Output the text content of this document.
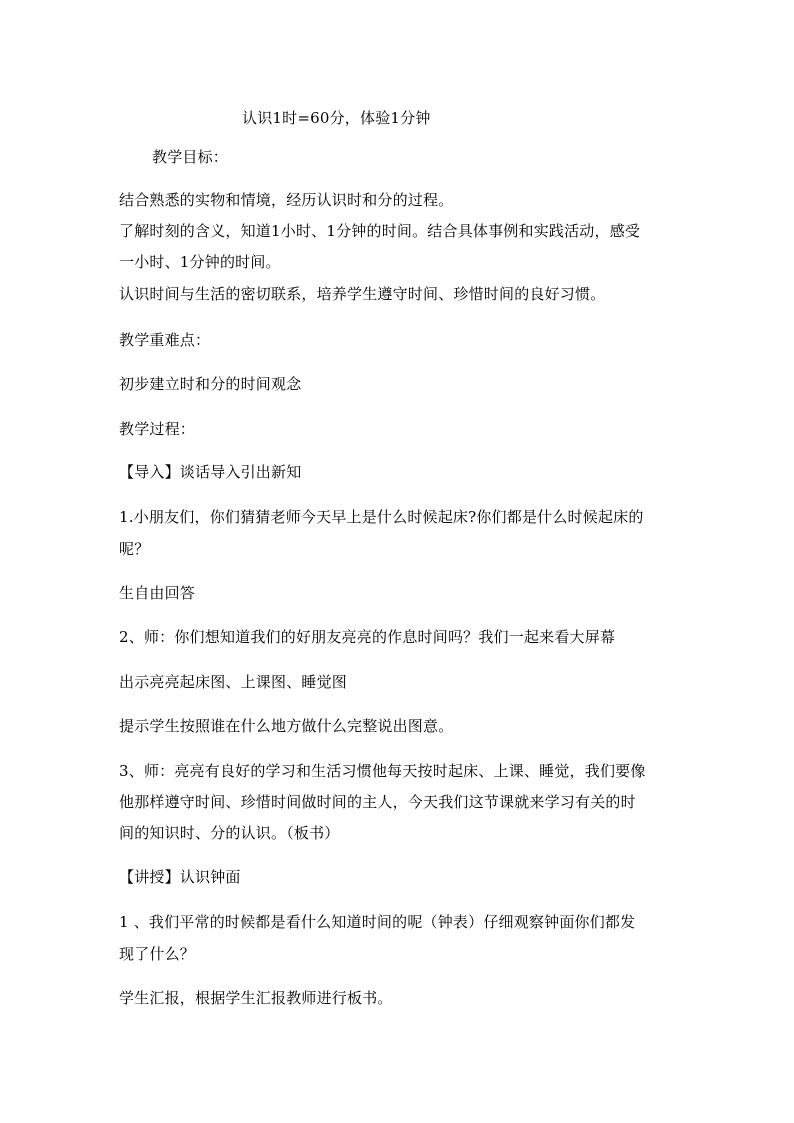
认识1时=60分，体验1分钟
教学目标：
结合熟悉的实物和情境，经历认识时和分的过程。
了解时刻的含义，知道1小时、1分钟的时间。结合具体事例和实践活动，感受
一小时、1分钟的时间。
认识时间与生活的密切联系，培养学生遵守时间、珍惜时间的良好习惯。
教学重难点：
初步建立时和分的时间观念
教学过程：
【导入】谈话导入引出新知
1.小朋友们，你们猜猜老师今天早上是什么时候起床?你们都是什么时候起床的
呢？
生自由回答
2、师：你们想知道我们的好朋友亮亮的作息时间吗？我们一起来看大屏幕
出示亮亮起床图、上课图、睡觉图
提示学生按照谁在什么地方做什么完整说出图意。
3、师：亮亮有良好的学习和生活习惯他每天按时起床、上课、睡觉，我们要像
他那样遵守时间、珍惜时间做时间的主人，今天我们这节课就来学习有关的时
间的知识时、分的认识。（板书）
【讲授】认识钟面
1 、我们平常的时候都是看什么知道时间的呢（钟表）仔细观察钟面你们都发
现了什么？
学生汇报，根据学生汇报教师进行板书。
